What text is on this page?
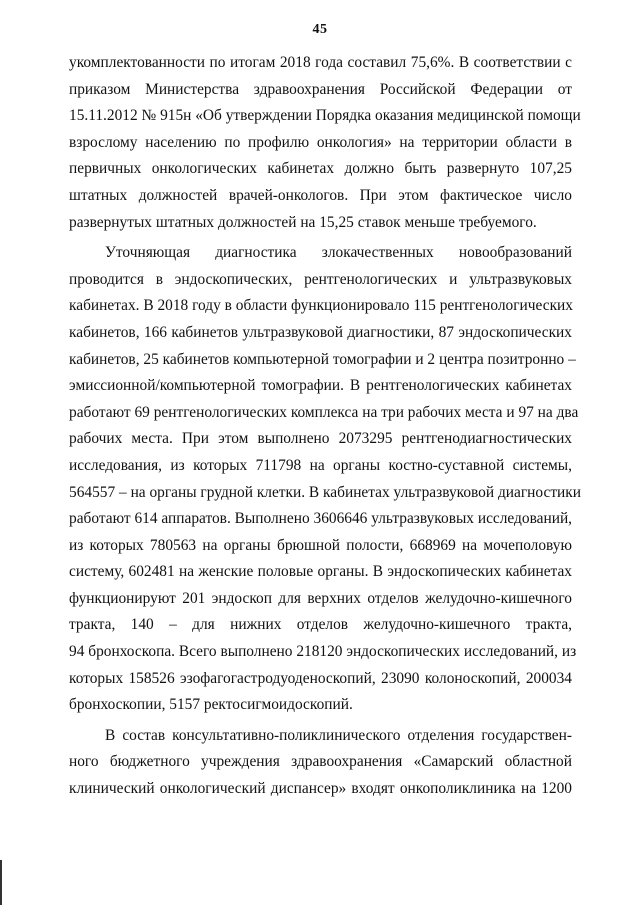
45
укомплектованности по итогам 2018 года составил 75,6%. В соответствии с
приказом Министерства здравоохранения Российской Федерации от
15.11.2012 № 915н «Об утверждении Порядка оказания медицинской помощи
взрослому населению по профилю онкология» на территории области в
первичных онкологических кабинетах должно быть развернуто 107,25
штатных должностей врачей-онкологов. При этом фактическое число
развернутых штатных должностей на 15,25 ставок меньше требуемого.
Уточняющая диагностика злокачественных новообразований
проводится в эндоскопических, рентгенологических и ультразвуковых
кабинетах. В 2018 году в области функционировало 115 рентгенологических
кабинетов, 166 кабинетов ультразвуковой диагностики, 87 эндоскопических
кабинетов, 25 кабинетов компьютерной томографии и 2 центра позитронно –
эмиссионной/компьютерной томографии. В рентгенологических кабинетах
работают 69 рентгенологических комплекса на три рабочих места и 97 на два
рабочих места. При этом выполнено 2073295 рентгенодиагностических
исследования, из которых 711798 на органы костно-суставной системы,
564557 – на органы грудной клетки. В кабинетах ультразвуковой диагностики
работают 614 аппаратов. Выполнено 3606646 ультразвуковых исследований,
из которых 780563 на органы брюшной полости, 668969 на мочеполовую
систему, 602481 на женские половые органы. В эндоскопических кабинетах
функционируют 201 эндоскоп для верхних отделов желудочно-кишечного
тракта, 140 – для нижних отделов желудочно-кишечного тракта,
94 бронхоскопа. Всего выполнено 218120 эндоскопических исследований, из
которых 158526 эзофагогастродуоденоскопий, 23090 колоноскопий, 200034
бронхоскопии, 5157 ректосигмоидоскопий.
В состав консультативно-поликлинического отделения государствен-
ного бюджетного учреждения здравоохранения «Самарский областной
клинический онкологический диспансер» входят онкополиклиника на 1200
